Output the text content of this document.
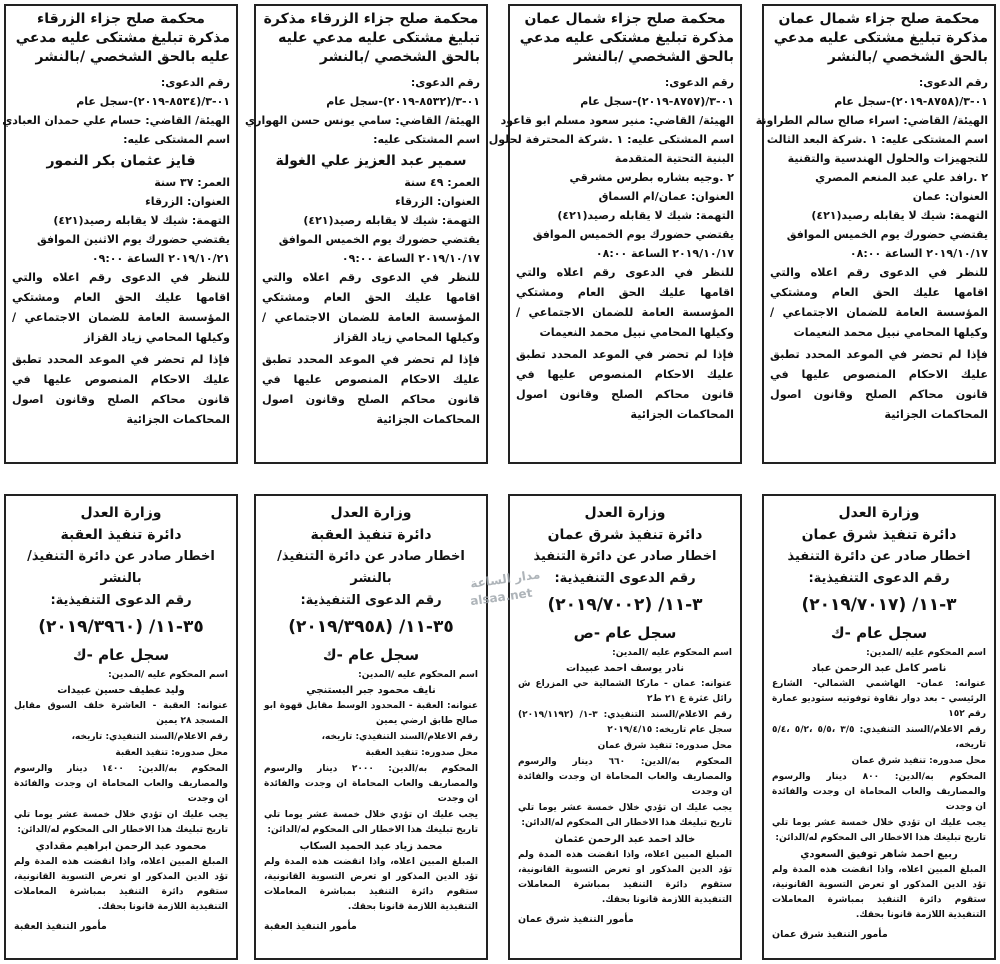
محكمة صلح جزاء شمال عمان
مذكرة تبليغ مشتكى عليه مدعي
بالحق الشخصي /بالنشر
رقم الدعوى:
٠١-٣/(٨٧٥٨-٢٠١٩)-سجل عام
الهيئة/ القاضي: اسراء صالح سالم الطراونة
اسم المشتكى عليه: ١ .شركة البعد الثالث
للتجهيزات والحلول الهندسية والتقنية
٢ .رافد علي عبد المنعم المصري
العنوان: عمان
التهمة: شيك لا يقابله رصيد(٤٢١)
يقتضي حضورك يوم الخميس الموافق
٢٠١٩/١٠/١٧ الساعة ٠٨:٠٠
للنظر في الدعوى رقم اعلاه والتي اقامها عليك الحق العام ومشتكي المؤسسة العامة للضمان الاجتماعي /وكيلها المحامي نبيل محمد النعيمات
فإذا لم تحضر في الموعد المحدد تطبق عليك الاحكام المنصوص عليها في قانون محاكم الصلح وقانون اصول المحاكمات الجزائية
محكمة صلح جزاء شمال عمان
مذكرة تبليغ مشتكى عليه مدعي
بالحق الشخصي /بالنشر
رقم الدعوى:
٠١-٣/(٨٧٥٧-٢٠١٩)-سجل عام
الهيئة/ القاضي: منير سعود مسلم ابو قاعود
اسم المشتكى عليه: ١ .شركة المحترفة لحلول
البنية التحتية المتقدمة
٢ .وجيه بشاره بطرس مشرقي
العنوان: عمان/ام السماق
التهمة: شيك لا يقابله رصيد(٤٢١)
يقتضي حضورك يوم الخميس الموافق
٢٠١٩/١٠/١٧ الساعة ٠٨:٠٠
للنظر في الدعوى رقم اعلاه والتي اقامها عليك الحق العام ومشتكي المؤسسة العامة للضمان الاجتماعي /وكيلها المحامي نبيل محمد النعيمات
فإذا لم تحضر في الموعد المحدد تطبق عليك الاحكام المنصوص عليها في قانون محاكم الصلح وقانون اصول المحاكمات الجزائية
محكمة صلح جزاء الزرقاء مذكرة
تبليغ مشتكى عليه مدعي عليه
بالحق الشخصي /بالنشر
رقم الدعوى:
٠١-٣/(٨٥٣٢-٢٠١٩)-سجل عام
الهيئة/ القاضي: سامي يونس حسن الهواري
اسم المشتكى عليه:
سمير عبد العزيز علي الغولة
العمر: ٤٩ سنة
العنوان: الزرقاء
التهمة: شيك لا يقابله رصيد(٤٢١)
يقتضي حضورك يوم الخميس الموافق
٢٠١٩/١٠/١٧ الساعة ٠٩:٠٠
للنظر في الدعوى رقم اعلاه والتي اقامها عليك الحق العام ومشتكي المؤسسة العامة للضمان الاجتماعي /وكيلها المحامي زياد القزاز
فإذا لم تحضر في الموعد المحدد تطبق عليك الاحكام المنصوص عليها في قانون محاكم الصلح وقانون اصول المحاكمات الجزائية
محكمة صلح جزاء الزرقاء
مذكرة تبليغ مشتكى عليه مدعي
عليه بالحق الشخصي /بالنشر
رقم الدعوى:
٠١-٣/(٨٥٣٤-٢٠١٩)-سجل عام
الهيئة/ القاضي: حسام علي حمدان العبادي
اسم المشتكى عليه:
فايز عثمان بكر النمور
العمر: ٣٧ سنة
العنوان: الزرقاء
التهمة: شيك لا يقابله رصيد(٤٢١)
يقتضي حضورك يوم الاثنين الموافق
٢٠١٩/١٠/٢١ الساعة ٠٩:٠٠
للنظر في الدعوى رقم اعلاه والتي اقامها عليك الحق العام ومشتكي المؤسسة العامة للضمان الاجتماعي /وكيلها المحامي زياد القزاز
فإذا لم تحضر في الموعد المحدد تطبق عليك الاحكام المنصوص عليها في قانون محاكم الصلح وقانون اصول المحاكمات الجزائية
وزارة العدل
دائرة تنفيذ شرق عمان
اخطار صادر عن دائرة التنفيذ
رقم الدعوى التنفيذية:
٣-١١/ (٢٠١٩/٧٠١٧)
سجل عام -ك
اسم المحكوم عليه /المدين:
ناصر كامل عبد الرحمن عباد
عنوانه: عمان- الهاشمي الشمالي- الشارع الرئيسي - بعد دوار نقاوة توفوتيه ستوديو عمارة رقم ١٥٢
رقم الاعلام/السند التنفيذي: ٣/٥ ،٥/٥ ،٥/٢ ،٥/٤ تاريخه،
محل صدوره: تنفيذ شرق عمان
المحكوم به/الدين: ٨٠٠ دينار والرسوم والمصاريف والعاب المحاماة ان وجدت والفائدة ان وجدت
يجب عليك ان تؤدي خلال خمسة عشر يوما تلي تاريخ تبليغك هذا الاخطار الى المحكوم له/الدائن:
ربيع احمد شاهر توفيق السعودي
المبلغ المبين اعلاه، واذا انقضت هذه المدة ولم تؤد الدين المذكور او تعرض التسوية القانونية، ستقوم دائرة التنفيذ بمباشرة المعاملات التنفيذية اللازمة قانونا بحقك.
مأمور التنفيذ شرق عمان
وزارة العدل
دائرة تنفيذ شرق عمان
اخطار صادر عن دائرة التنفيذ
رقم الدعوى التنفيذية:
٣-١١/ (٢٠١٩/٧٠٠٢)
سجل عام -ص
اسم المحكوم عليه /المدين:
نادر يوسف احمد عبيدات
عنوانه: عمان - ماركا الشمالية حي المزراع ش رائل عثرة ع ٢١ ط٢
رقم الاعلام/السند التنفيذي: ٣-١/ (٢٠١٩/١١٩٢) سجل عام تاريخه: ٢٠١٩/٤/١٥
محل صدوره: تنفيذ شرق عمان
المحكوم به/الدين: ٦٦٠ دينار والرسوم والمصاريف والعاب المحاماة ان وجدت والفائدة ان وجدت
يجب عليك ان تؤدي خلال خمسة عشر يوما تلي تاريخ تبليغك هذا الاخطار الى المحكوم له/الدائن:
خالد احمد عبد الرحمن عثمان
المبلغ المبين اعلاه، واذا انقضت هذه المدة ولم تؤد الدين المذكور او تعرض التسوية القانونية، ستقوم دائرة التنفيذ بمباشرة المعاملات التنفيذية اللازمة قانونا بحقك.
مأمور التنفيذ شرق عمان
وزارة العدل
دائرة تنفيذ العقبة
اخطار صادر عن دائرة التنفيذ/بالنشر
رقم الدعوى التنفيذية:
٣٥-١١/ (٢٠١٩/٣٩٥٨)
سجل عام -ك
اسم المحكوم عليه /المدين:
نايف محمود جبر البستنجي
عنوانه: العقبة - المحدود الوسط مقابل قهوة ابو صالح طابق ارضي يمين
رقم الاعلام/السند التنفيذي: تاريخه،
محل صدوره: تنفيذ العقبة
المحكوم به/الدين: ٢٠٠٠ دينار والرسوم والمصاريف والعاب المحاماة ان وجدت والفائدة ان وجدت
يجب عليك ان تؤدي خلال خمسة عشر يوما تلي تاريخ تبليغك هذا الاخطار الى المحكوم له/الدائن:
محمد زياد عبد الحميد السكاب
المبلغ المبين اعلاه، واذا انقضت هذه المدة ولم تؤد الدين المذكور او تعرض التسوية القانونية، ستقوم دائرة التنفيذ بمباشرة المعاملات التنفيذية اللازمة قانونا بحقك.
مأمور التنفيذ العقبة
وزارة العدل
دائرة تنفيذ العقبة
اخطار صادر عن دائرة التنفيذ/بالنشر
رقم الدعوى التنفيذية:
٣٥-١١/ (٢٠١٩/٣٩٦٠)
سجل عام -ك
اسم المحكوم عليه /المدين:
وليد عطيف حسين عبيدات
عنوانه: العقبة - العاشرة خلف السوق مقابل المسجد ٢٨ يمين
رقم الاعلام/السند التنفيذي: تاريخه،
محل صدوره: تنفيذ العقبة
المحكوم به/الدين: ١٤٠٠ دينار والرسوم والمصاريف والعاب المحاماة ان وجدت والفائدة ان وجدت
يجب عليك ان تؤدي خلال خمسة عشر يوما تلي تاريخ تبليغك هذا الاخطار الى المحكوم له/الدائن:
محمود عبد الرحمن ابراهيم مقدادي
المبلغ المبين اعلاه، واذا انقضت هذه المدة ولم تؤد الدين المذكور او تعرض التسوية القانونية، ستقوم دائرة التنفيذ بمباشرة المعاملات التنفيذية اللازمة قانونا بحقك.
مأمور التنفيذ العقبة
مدار الساعة
alsaa.net
